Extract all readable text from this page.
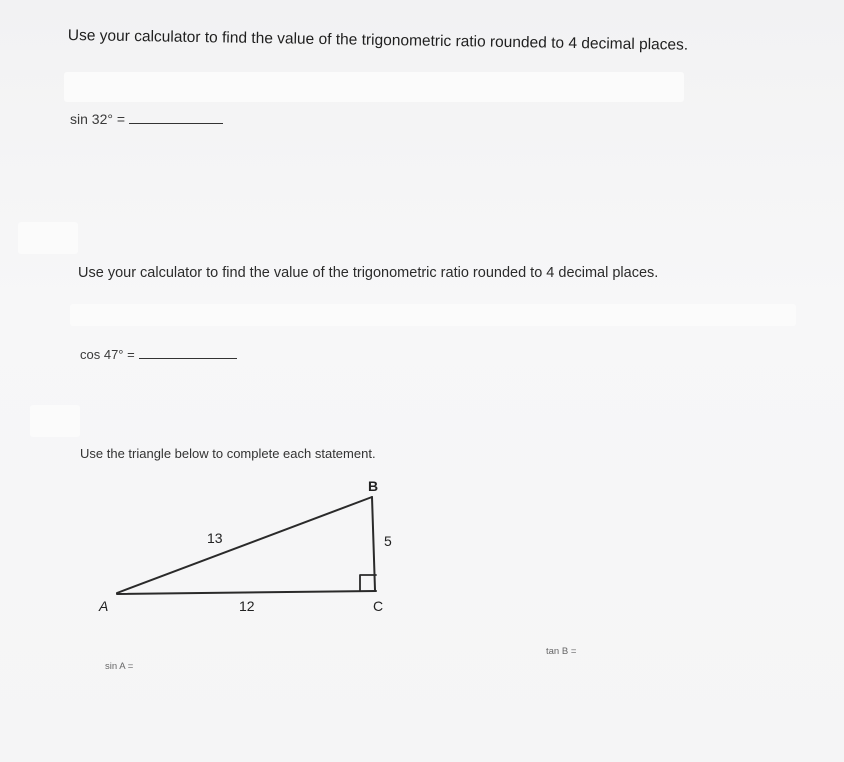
Use your calculator to find the value of the trigonometric ratio rounded to 4 decimal places.
sin 32° =
Use your calculator to find the value of the trigonometric ratio rounded to 4 decimal places.
cos 47° =
Use the triangle below to complete each statement.
B
A	C
13	5
12
sin A =
tan B =
